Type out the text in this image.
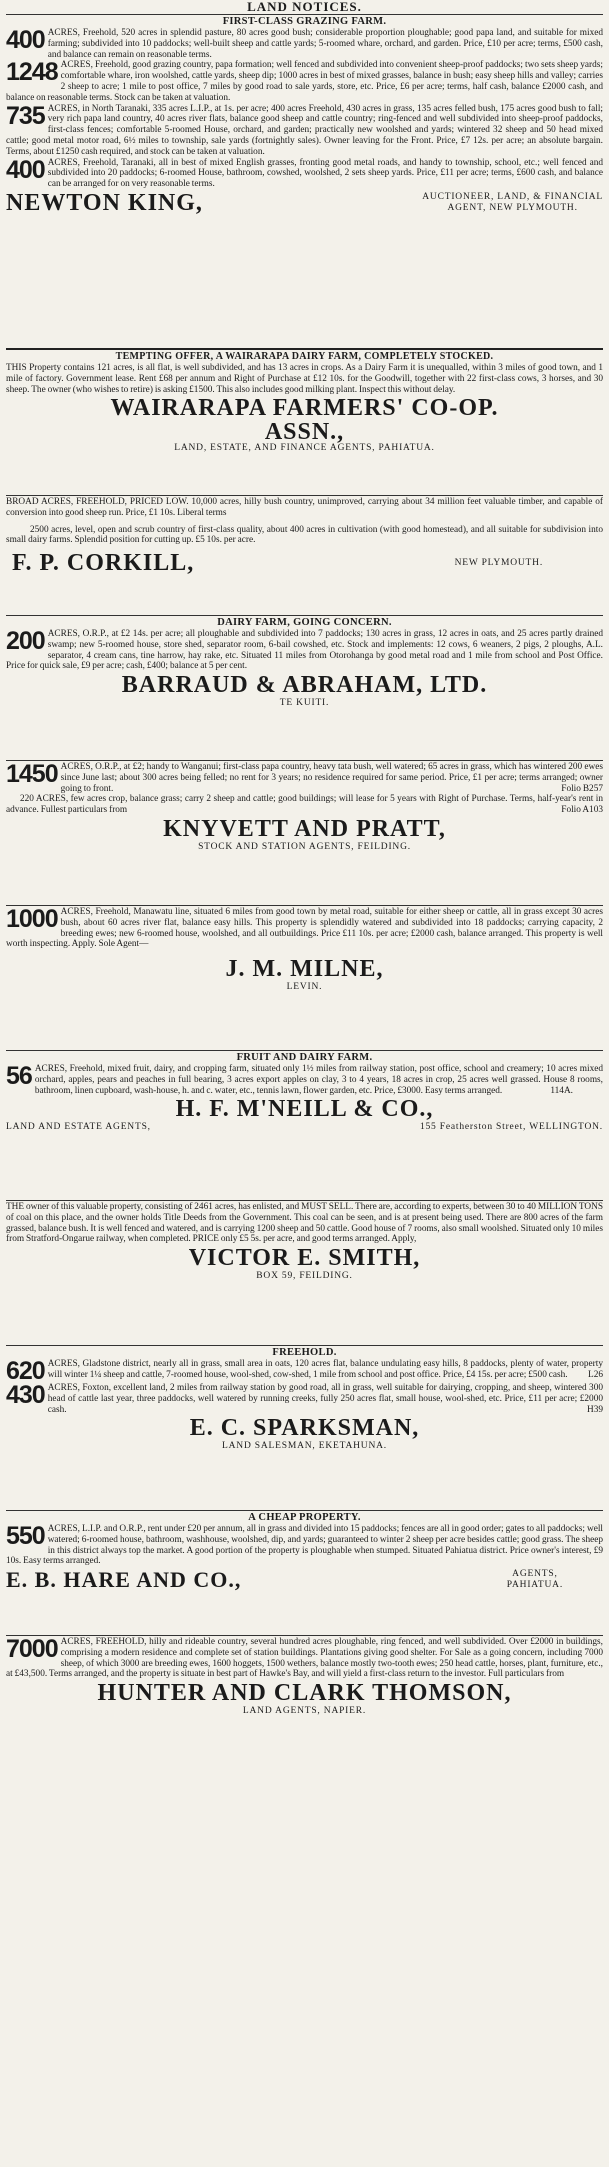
LAND NOTICES.
FIRST-CLASS GRAZING FARM.
400 ACRES, Freehold, 520 acres in splendid pasture, 80 acres good bush; considerable proportion ploughable; good papa land, and suitable for mixed farming; subdivided into 10 paddocks; well-built sheep and cattle yards; 5-roomed whare, orchard, and garden. Price, £10 per acre; terms, £500 cash, and balance can remain on reasonable terms.
1248 ACRES, Freehold, good grazing country, papa formation; well fenced and subdivided into convenient sheep-proof paddocks; two sets sheep yards; comfortable whare, iron woolshed, cattle yards, sheep dip; 1000 acres in best of mixed grasses, balance in bush; easy sheep hills and valley; carries 2 sheep to acre; 1 mile to post office, 7 miles by good road to sale yards, store, etc. Price, £6 per acre; terms, half cash, balance £2000 cash, and balance on reasonable terms. Stock can be taken at valuation.
735 ACRES, in North Taranaki, 335 acres L.I.P., at 1s. per acre; 400 acres Freehold, 430 acres in grass, 135 acres felled bush, 175 acres good bush to fall; very rich papa land country, 40 acres river flats, balance good sheep and cattle country; ring-fenced and well subdivided into sheep-proof paddocks, first-class fences; comfortable 5-roomed House, orchard, and garden; practically new woolshed and yards; wintered 32 sheep and 50 head mixed cattle; good metal motor road, 6½ miles to township, sale yards (fortnightly sales). Owner leaving for the Front. Price, £7 12s. per acre; an absolute bargain. Terms, about £1250 cash required, and stock can be taken at valuation.
400 ACRES, Freehold, Taranaki, all in best of mixed English grasses, fronting good metal roads, and handy to township, school, etc.; well fenced and subdivided into 20 paddocks; 6-roomed House, bathroom, cowshed, woolshed, 2 sets sheep yards. Price, £11 per acre; terms, £600 cash, and balance can be arranged for on very reasonable terms.
NEWTON KING,	AUCTIONEER, LAND, & FINANCIAL
AGENT, NEW PLYMOUTH.
TEMPTING OFFER, A WAIRARAPA DAIRY FARM, COMPLETELY STOCKED.
THIS Property contains 121 acres, is all flat, is well subdivided, and has 13 acres in crops. As a Dairy Farm it is unequalled, within 3 miles of good town, and 1 mile of factory. Government lease. Rent £68 per annum and Right of Purchase at £12 10s. for the Goodwill, together with 22 first-class cows, 3 horses, and 30 sheep. The owner (who wishes to retire) is asking £1500. This also includes good milking plant. Inspect this without delay.
WAIRARAPA FARMERS' CO-OP.
ASSN.,
LAND, ESTATE, AND FINANCE AGENTS, PAHIATUA.
BROAD ACRES, FREEHOLD, PRICED LOW. 10,000 acres, hilly bush country, unimproved, carrying about 34 million feet valuable timber, and capable of conversion into good sheep run. Price, £1 10s. Liberal terms
2500 acres, level, open and scrub country of first-class quality, about 400 acres in cultivation (with good homestead), and all suitable for subdivision into small dairy farms. Splendid position for cutting up. £5 10s. per acre.
F. P. CORKILL,	NEW PLYMOUTH.
DAIRY FARM, GOING CONCERN.
200 ACRES, O.R.P., at £2 14s. per acre; all ploughable and subdivided into 7 paddocks; 130 acres in grass, 12 acres in oats, and 25 acres partly drained swamp; new 5-roomed house, store shed, separator room, 6-bail cowshed, etc. Stock and implements: 12 cows, 6 weaners, 2 pigs, 2 ploughs, A.L. separator, 4 cream cans, tine harrow, hay rake, etc. Situated 11 miles from Otorohanga by good metal road and 1 mile from school and Post Office. Price for quick sale, £9 per acre; cash, £400; balance at 5 per cent.
BARRAUD & ABRAHAM, LTD.
TE KUITI.
1450 ACRES, O.R.P., at £2; handy to Wanganui; first-class papa country, heavy tata bush, well watered; 65 acres in grass, which has wintered 200 ewes since June last; about 300 acres being felled; no rent for 3 years; no residence required for same period. Price, £1 per acre; terms arranged; owner going to front.	Folio B257
220 ACRES, few acres crop, balance grass; carry 2 sheep and cattle; good buildings; will lease for 5 years with Right of Purchase. Terms, half-year's rent in advance. Fullest particulars from	Folio A103
KNYVETT AND PRATT,
STOCK AND STATION AGENTS, FEILDING.
1000 ACRES, Freehold, Manawatu line, situated 6 miles from good town by metal road, suitable for either sheep or cattle, all in grass except 30 acres bush, about 60 acres river flat, balance easy hills. This property is splendidly watered and subdivided into 18 paddocks; carrying capacity, 2 breeding ewes; new 6-roomed house, woolshed, and all outbuildings. Price £11 10s. per acre; £2000 cash, balance arranged. This property is well worth inspecting. Apply. Sole Agent—
J. M. MILNE,
LEVIN.
FRUIT AND DAIRY FARM.
56 ACRES, Freehold, mixed fruit, dairy, and cropping farm, situated only 1½ miles from railway station, post office, school and creamery; 10 acres mixed orchard, apples, pears and peaches in full bearing, 3 acres export apples on clay, 3 to 4 years, 18 acres in crop, 25 acres well grassed. House 8 rooms, bathroom, linen cupboard, wash-house, h. and c. water, etc., tennis lawn, flower garden, etc. Price, £3000. Easy terms arranged.	114A.
H. F. M'NEILL & CO.,
LAND AND ESTATE AGENTS,	155 Featherston Street, WELLINGTON.
THE owner of this valuable property, consisting of 2461 acres, has enlisted, and MUST SELL. There are, according to experts, between 30 to 40 MILLION TONS of coal on this place, and the owner holds Title Deeds from the Government. This coal can be seen, and is at present being used. There are 800 acres of the farm grassed, balance bush. It is well fenced and watered, and is carrying 1200 sheep and 50 cattle. Good house of 7 rooms, also small woolshed. Situated only 10 miles from Stratford-Ongarue railway, when completed. PRICE only £5 5s. per acre, and good terms arranged. Apply,
VICTOR E. SMITH,
BOX 59, FEILDING.
FREEHOLD.
620 ACRES, Gladstone district, nearly all in grass, small area in oats, 120 acres flat, balance undulating easy hills, 8 paddocks, plenty of water, property will winter 1¼ sheep and cattle, 7-roomed house, wool-shed, cow-shed, 1 mile from school and post office. Price, £4 15s. per acre; £500 cash. L26
430 ACRES, Foxton, excellent land, 2 miles from railway station by good road, all in grass, well suitable for dairying, cropping, and sheep, wintered 300 head of cattle last year, three paddocks, well watered by running creeks, fully 250 acres flat, small house, wool-shed, etc. Price, £11 per acre; £2000 cash.	H39
E. C. SPARKSMAN,
LAND SALESMAN, EKETAHUNA.
A CHEAP PROPERTY.
550 ACRES, L.I.P. and O.R.P., rent under £20 per annum, all in grass and divided into 15 paddocks; fences are all in good order; gates to all paddocks; well watered; 6-roomed house, bathroom, washhouse, woolshed, dip, and yards; guaranteed to winter 2 sheep per acre besides cattle; good grass. The sheep in this district always top the market. A good portion of the property is ploughable when stumped. Situated Pahiatua district. Price owner's interest, £9 10s. Easy terms arranged.
E. B. HARE AND CO.,	AGENTS,
PAHIATUA.
7000 ACRES, FREEHOLD, hilly and rideable country, several hundred acres ploughable, ring fenced, and well subdivided. Over £2000 in buildings, comprising a modern residence and complete set of station buildings. Plantations giving good shelter. For Sale as a going concern, including 7000 sheep, of which 3000 are breeding ewes, 1600 hoggets, 1500 wethers, balance mostly two-tooth ewes; 250 head cattle, horses, plant, furniture, etc., at £43,500. Terms arranged, and the property is situate in best part of Hawke's Bay, and will yield a first-class return to the investor. Full particulars from
HUNTER AND CLARK THOMSON,
LAND AGENTS, NAPIER.
